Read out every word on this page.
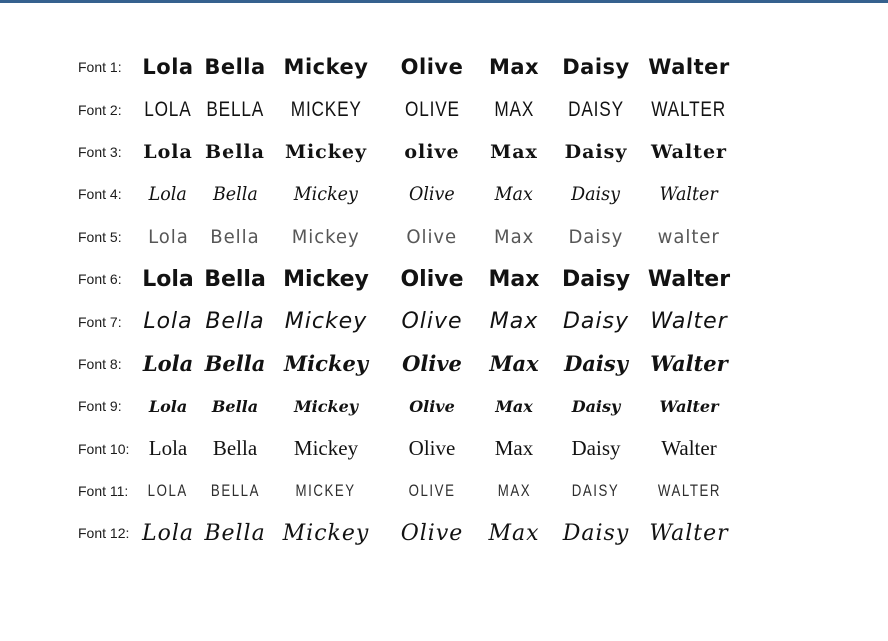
Font 1: Lola Bella Mickey Olive Max Daisy Walter
Font 2:	LOLA BELLA MICKEY OLIVE MAX DAISY WALTER
Font 3:	Lola Bella Mickey olive Max Daisy Walter
Font 4:	Lola Bella Mickey	Olive Max Daisy Walter
Font 5:	Lola Bella Mickey Olive Max Daisy walter
Font 6: Lola Bella Mickey Olive Max Daisy Walter
Font 7: Lola Bella Mickey Olive Max Daisy Walter
Font 8:	Lola Bella Mickey Olive Max Daisy Walter
Font 9:	Lola Bella Mickey	Olive	Max Daisy Walter
Font 10: Lola Bella Mickey Olive Max Daisy Walter
Font 11:	LOLA BELLA MICKEY	OLIVE MAX DAISY WALTER
Font 12: Lola Bella Mickey Olive Max Daisy Walter
